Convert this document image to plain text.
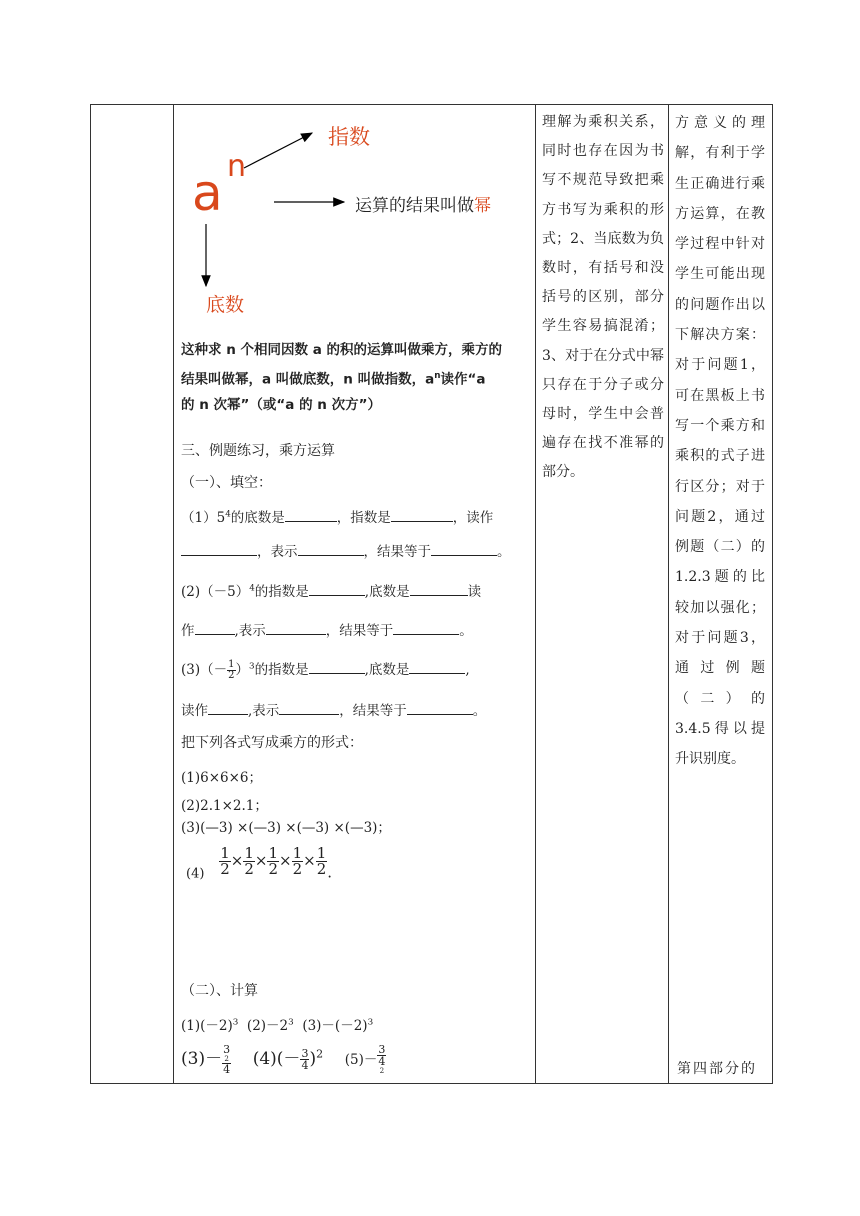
a n
指数
运算的结果叫做幂
底数
这种求 n 个相同因数 a 的积的运算叫做乘方，乘方的
结果叫做幂，a 叫做底数，n 叫做指数，$a^n$读作“a
的 n 次幂”（或“a 的 n 次方”）
三、例题练习，乘方运算
（一）、填空：
$(1)5^4$的底数是	，指数是	，读作
，表示	，结果等于	。
$(2)(-5)^4$的指数是	,底数是	读
作	,表示	，结果等于	。
$(3)(- \frac{1}{2} )^3$的指数是	,底数是	,
读作	,表示	，结果等于	。
把下列各式写成乘方的形式：
(1)6×6×6；
(2)2.1×2.1；
(3)(—3) ×(—3) ×(—3) ×(—3)；
$(4) \frac{1}{2} \times \frac{1}{2} \times \frac{1}{2} \times \frac{1}{2} \times \frac{1}{2}$ .
（二）、计算
$(1)(-2)^3$ $(2)-2^3$ $(3)-(-2)^3$
(3)－ 3
2
4 $(4)(- \frac{3}{4} )^2$ (5)－ 3
4
2
理解为乘积关系，同时也存在因为书写不规范导致把乘方书写为乘积的形式；2、当底数为负数时，有括号和没括号的区别，部分学生容易搞混淆；3、对于在分式中幂只存在于分子或分母时，学生中会普遍存在找不准幂的部分。
方意义的理解，有利于学生正确进行乘方运算，在教学过程中针对学生可能出现的问题作出以下解决方案：对于问题1，可在黑板上书写一个乘方和乘积的式子进行区分；对于问题2，通过例题（二）的1.2.3题的比较加以强化；对于问题3，通过例题（二）的3.4.5得以提升识别度。
第四部分的
